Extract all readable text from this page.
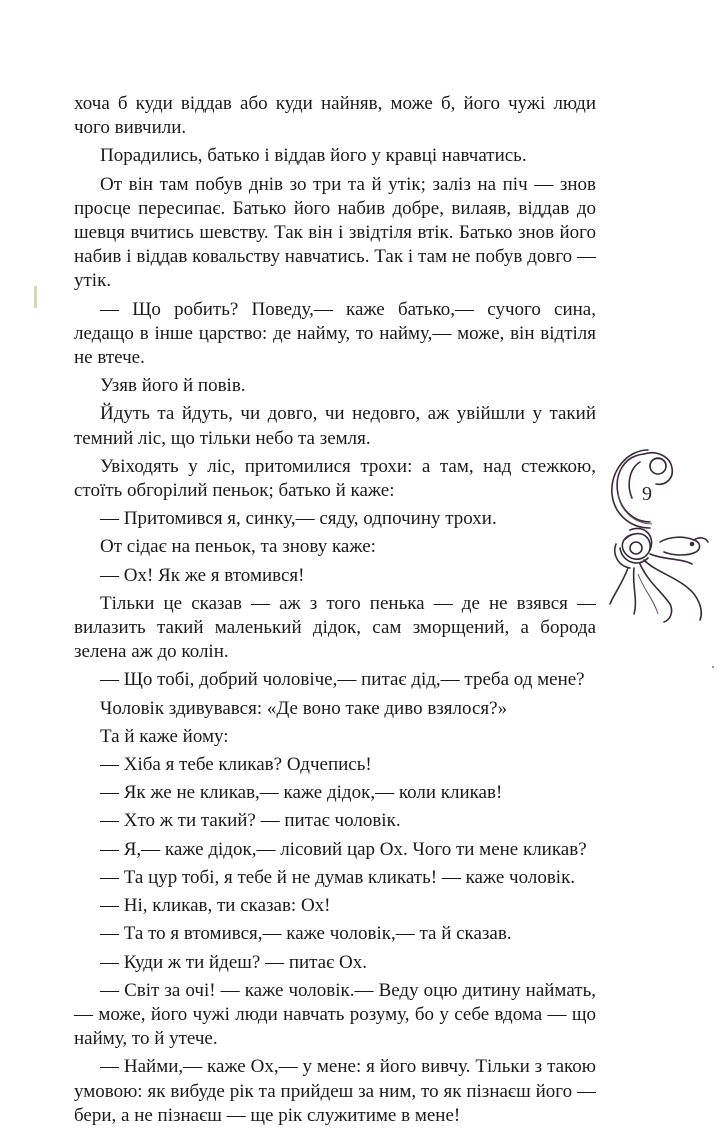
хоча б куди віддав або куди найняв, може б, його чужі люди чого вивчили.

Порадились, батько і віддав його у кравці навчатись.

От він там побув днів зо три та й утік; заліз на піч — знов просце пересипає. Батько його набив добре, вилаяв, віддав до шевця вчитись шевству. Так він і звідтіля втік. Батько знов його набив і віддав ковальству навчатись. Так і там не побув довго — утік.

— Що робить? Поведу,— каже батько,— сучого сина, ледащо в інше царство: де найму, то найму,— може, він відтіля не втече.

Узяв його й повів.

Йдуть та йдуть, чи довго, чи недовго, аж увійшли у такий темний ліс, що тільки небо та земля.

Увіходять у ліс, притомилися трохи: а там, над стежкою, стоїть обгорілий пеньок; батько й каже:

— Притомився я, синку,— сяду, одпочину трохи.

От сідає на пеньок, та знову каже:

— Ох! Як же я втомився!

Тільки це сказав — аж з того пенька — де не взявся — вилазить такий маленький дідок, сам зморщений, а борода зелена аж до колін.

— Що тобі, добрий чоловіче,— питає дід,— треба од мене?

Чоловік здивувався: «Де воно таке диво взялося?»

Та й каже йому:

— Хіба я тебе кликав? Одчепись!

— Як же не кликав,— каже дідок,— коли кликав!

— Хто ж ти такий? — питає чоловік.

— Я,— каже дідок,— лісовий цар Ох. Чого ти мене кликав?

— Та цур тобі, я тебе й не думав кликать! — каже чоловік.

— Ні, кликав, ти сказав: Ох!

— Та то я втомився,— каже чоловік,— та й сказав.

— Куди ж ти йдеш? — питає Ох.

— Світ за очі! — каже чоловік.— Веду оцю дитину наймать,— може, його чужі люди навчать розуму, бо у себе вдома — що найму, то й утече.

— Найми,— каже Ох,— у мене: я його вивчу. Тільки з такою умовою: як вибуде рік та прийдеш за ним, то як пізнаєш його — бери, а не пізнаєш — ще рік служитиме в мене!

9
